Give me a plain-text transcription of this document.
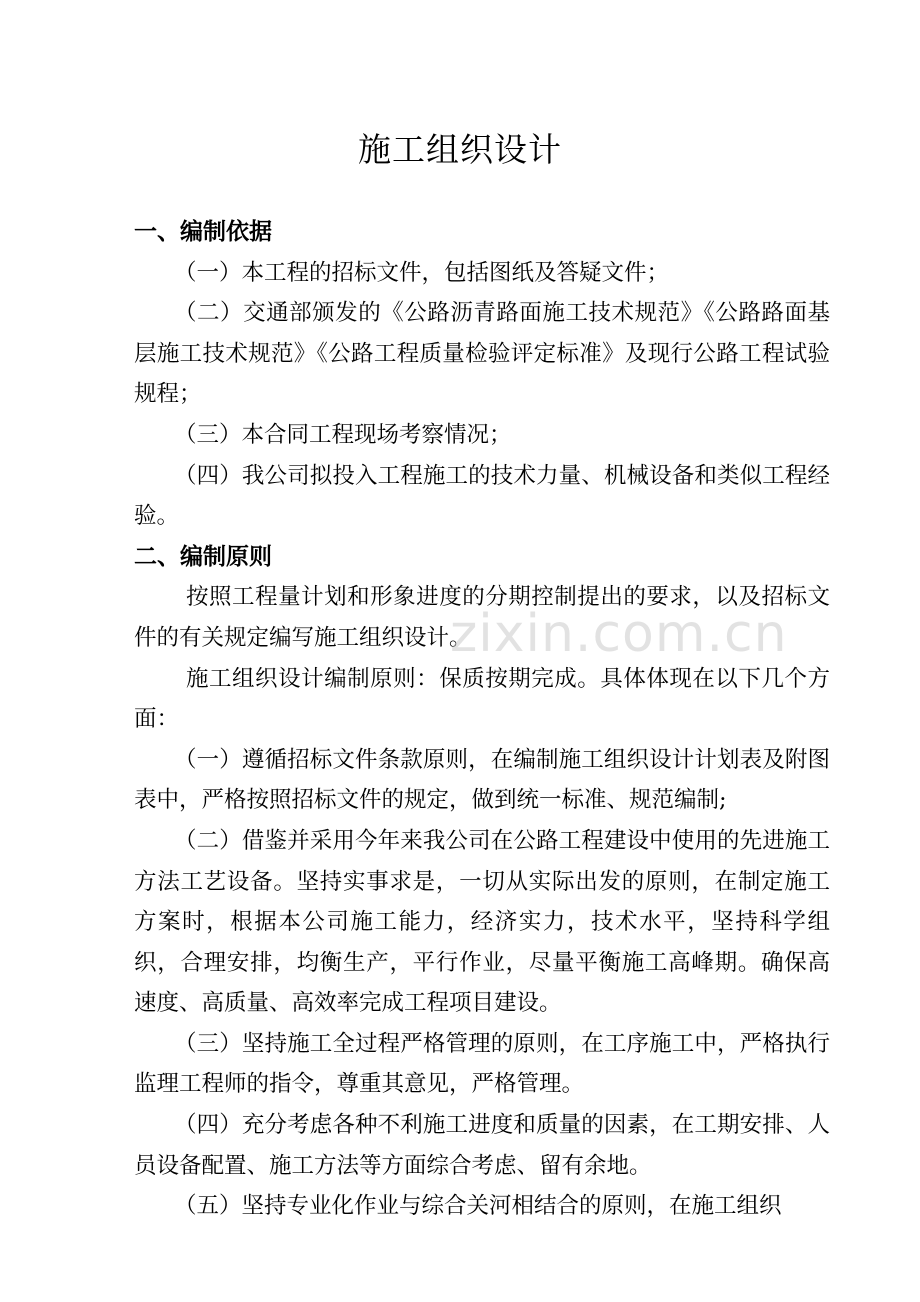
施工组织设计
一、编制依据

（一）本工程的招标文件，包括图纸及答疑文件；

（二）交通部颁发的《公路沥青路面施工技术规范》《公路路面基层施工技术规范》《公路工程质量检验评定标准》及现行公路工程试验规程；

（三）本合同工程现场考察情况；

（四）我公司拟投入工程施工的技术力量、机械设备和类似工程经验。

二、编制原则

按照工程量计划和形象进度的分期控制提出的要求，以及招标文件的有关规定编写施工组织设计。

施工组织设计编制原则：保质按期完成。具体体现在以下几个方面：

（一）遵循招标文件条款原则，在编制施工组织设计计划表及附图表中，严格按照招标文件的规定，做到统一标准、规范编制;

（二）借鉴并采用今年来我公司在公路工程建设中使用的先进施工方法工艺设备。坚持实事求是，一切从实际出发的原则，在制定施工方案时，根据本公司施工能力，经济实力，技术水平，坚持科学组织，合理安排，均衡生产，平行作业，尽量平衡施工高峰期。确保高速度、高质量、高效率完成工程项目建设。

（三）坚持施工全过程严格管理的原则，在工序施工中，严格执行监理工程师的指令，尊重其意见，严格管理。

（四）充分考虑各种不利施工进度和质量的因素，在工期安排、人员设备配置、施工方法等方面综合考虑、留有余地。

（五）坚持专业化作业与综合关河相结合的原则，在施工组织

zixin.com.cn
